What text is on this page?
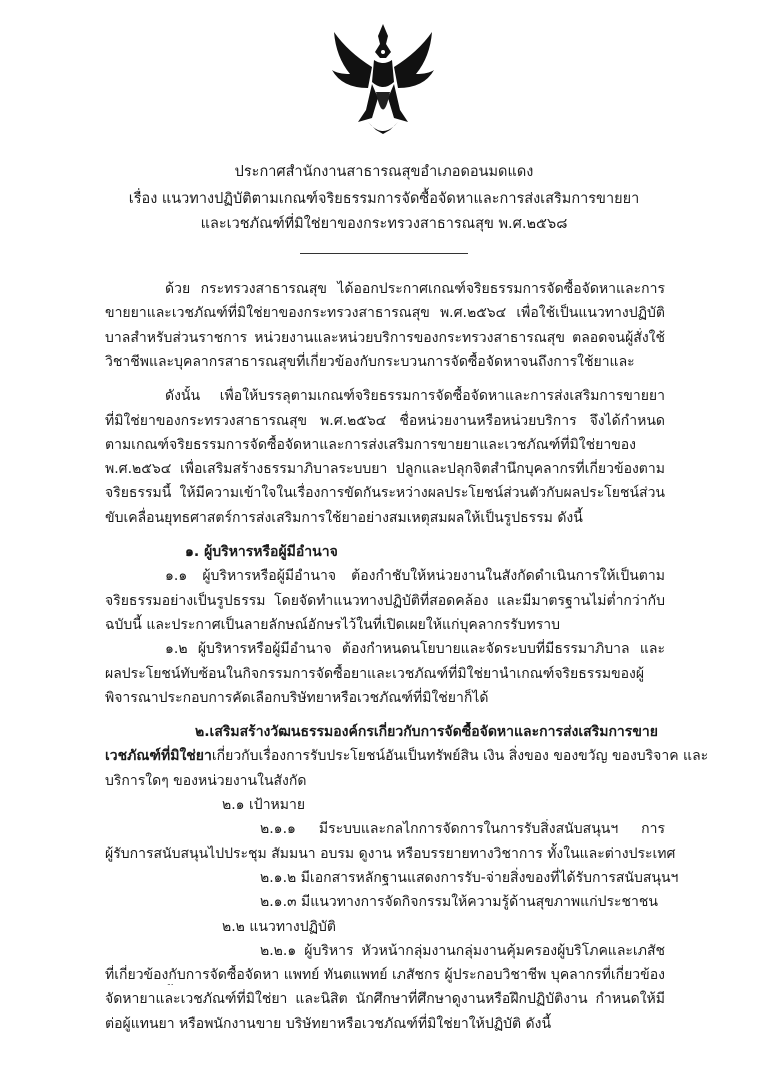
ประกาศสำนักงานสาธารณสุขอำเภอดอนมดแดง
เรื่อง แนวทางปฏิบัติตามเกณฑ์จริยธรรมการจัดซื้อจัดหาและการส่งเสริมการขายยา
และเวชภัณฑ์ที่มิใช่ยาของกระทรวงสาธารณสุข พ.ศ.๒๕๖๘
ด้วย กระทรวงสาธารณสุข ได้ออกประกาศเกณฑ์จริยธรรมการจัดซื้อจัดหาและการ
ขายยาและเวชภัณฑ์ที่มิใช่ยาของกระทรวงสาธารณสุข พ.ศ.๒๕๖๔ เพื่อใช้เป็นแนวทางปฏิบัติ
บาลสำหรับส่วนราชการ หน่วยงานและหน่วยบริการของกระทรวงสาธารณสุข ตลอดจนผู้สั่งใช้
วิชาชีพและบุคลากรสาธารณสุขที่เกี่ยวข้องกับกระบวนการจัดซื้อจัดหาจนถึงการใช้ยาและ
ดังนั้น เพื่อให้บรรลุตามเกณฑ์จริยธรรมการจัดซื้อจัดหาและการส่งเสริมการขายยา
ที่มิใช่ยาของกระทรวงสาธารณสุข พ.ศ.๒๕๖๔ ชื่อหน่วยงานหรือหน่วยบริการ จึงได้กำหนด
ตามเกณฑ์จริยธรรมการจัดซื้อจัดหาและการส่งเสริมการขายยาและเวชภัณฑ์ที่มิใช่ยาของ
พ.ศ.๒๕๖๔ เพื่อเสริมสร้างธรรมาภิบาลระบบยา ปลูกและปลุกจิตสำนึกบุคลากรที่เกี่ยวข้องตาม
จริยธรรมนี้ ให้มีความเข้าใจในเรื่องการขัดกันระหว่างผลประโยชน์ส่วนตัวกับผลประโยชน์ส่วน
ขับเคลื่อนยุทธศาสตร์การส่งเสริมการใช้ยาอย่างสมเหตุสมผลให้เป็นรูปธรรม ดังนี้
๑. ผู้บริหารหรือผู้มีอำนาจ
๑.๑ ผู้บริหารหรือผู้มีอำนาจ ต้องกำชับให้หน่วยงานในสังกัดดำเนินการให้เป็นตาม
จริยธรรมอย่างเป็นรูปธรรม โดยจัดทำแนวทางปฏิบัติที่สอดคล้อง และมีมาตรฐานไม่ต่ำกว่ากับ
ฉบับนี้ และประกาศเป็นลายลักษณ์อักษรไว้ในที่เปิดเผยให้แก่บุคลากรรับทราบ
๑.๒ ผู้บริหารหรือผู้มีอำนาจ ต้องกำหนดนโยบายและจัดระบบที่มีธรรมาภิบาล และ
ผลประโยชน์ทับซ้อนในกิจกรรมการจัดซื้อยาและเวชภัณฑ์ที่มิใช่ยานำเกณฑ์จริยธรรมของผู้
พิจารณาประกอบการคัดเลือกบริษัทยาหรือเวชภัณฑ์ที่มิใช่ยาก็ได้
๒.เสริมสร้างวัฒนธรรมองค์กรเกี่ยวกับการจัดซื้อจัดหาและการส่งเสริมการขาย
เวชภัณฑ์ที่มิใช่ยาเกี่ยวกับเรื่องการรับประโยชน์อันเป็นทรัพย์สิน เงิน สิ่งของ ของขวัญ ของบริจาค และ
บริการใดๆ ของหน่วยงานในสังกัด
๒.๑ เป้าหมาย
๒.๑.๑ มีระบบและกลไกการจัดการในการรับสิ่งสนับสนุนฯ การ
ผู้รับการสนับสนุนไปประชุม สัมมนา อบรม ดูงาน หรือบรรยายทางวิชาการ ทั้งในและต่างประเทศ
๒.๑.๒ มีเอกสารหลักฐานแสดงการรับ-จ่ายสิ่งของที่ได้รับการสนับสนุนฯ
๒.๑.๓ มีแนวทางการจัดกิจกรรมให้ความรู้ด้านสุขภาพแก่ประชาชน
๒.๒ แนวทางปฏิบัติ
๒.๒.๑ ผู้บริหาร หัวหน้ากลุ่มงานกลุ่มงานคุ้มครองผู้บริโภคและเภสัช
ที่เกี่ยวข้องกับการจัดซื้อจัดหา แพทย์ ทันตแพทย์ เภสัชกร ผู้ประกอบวิชาชีพ บุคลากรที่เกี่ยวข้อง
จัดหายาและเวชภัณฑ์ที่มิใช่ยา และนิสิต นักศึกษาที่ศึกษาดูงานหรือฝึกปฏิบัติงาน กำหนดให้มี
ต่อผู้แทนยา หรือพนักงานขาย บริษัทยาหรือเวชภัณฑ์ที่มิใช่ยาให้ปฏิบัติ ดังนี้
